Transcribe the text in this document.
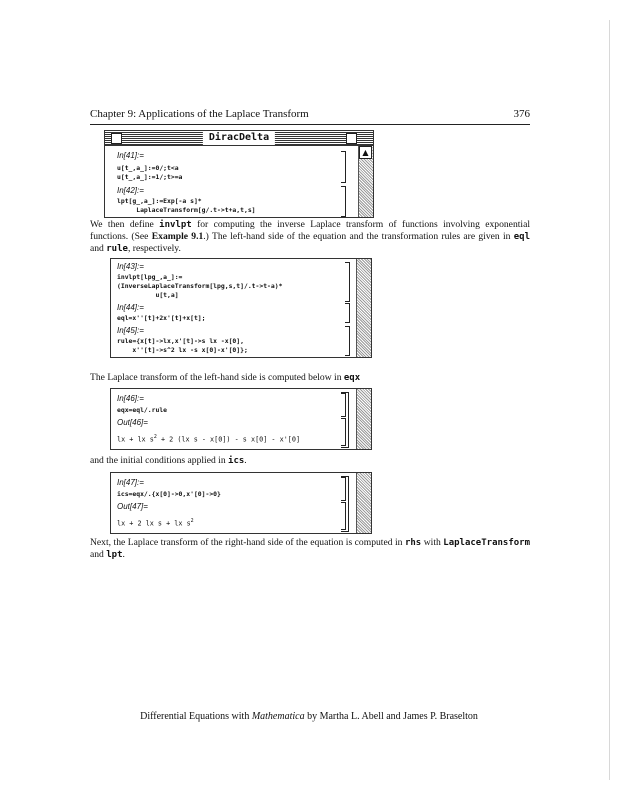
Chapter 9: Applications of the Laplace Transform	376
DiracDelta
▲
In[41]:=
u[t_,a_]:=0/;t<a
u[t_,a_]:=1/;t>=a
In[42]:=
lpt[g_,a_]:=Exp[-a s]*
LaplaceTransform[g/.t->t+a,t,s]
We then define invlpt for computing the inverse Laplace transform of functions involving exponential functions. (See Example 9.1.) The left-hand side of the equation and the transformation rules are given in eql and rule, respectively.
In[43]:=
invlpt[lpg_,a_]:=
(InverseLaplaceTransform[lpg,s,t]/.t->t-a)*
u[t,a]
In[44]:=
eql=x''[t]+2x'[t]+x[t];
In[45]:=
rule={x[t]->lx,x'[t]->s lx -x[0],
x''[t]->s^2 lx -s x[0]-x'[0]};
The Laplace transform of the left-hand side is computed below in eqx
In[46]:=
eqx=eql/.rule
Out[46]=
lx + lx $s^2 + 2$ (lx s - x[0]) - s x[0] - x'[0]
and the initial conditions applied in ics.
In[47]:=
ics=eqx/.{x[0]->0,x'[0]->0}
Out[47]=
lx + 2 lx s + lx $s^2$
Next, the Laplace transform of the right-hand side of the equation is computed in rhs with LaplaceTransform and lpt.
Differential Equations with Mathematica by Martha L. Abell and James P. Braselton
